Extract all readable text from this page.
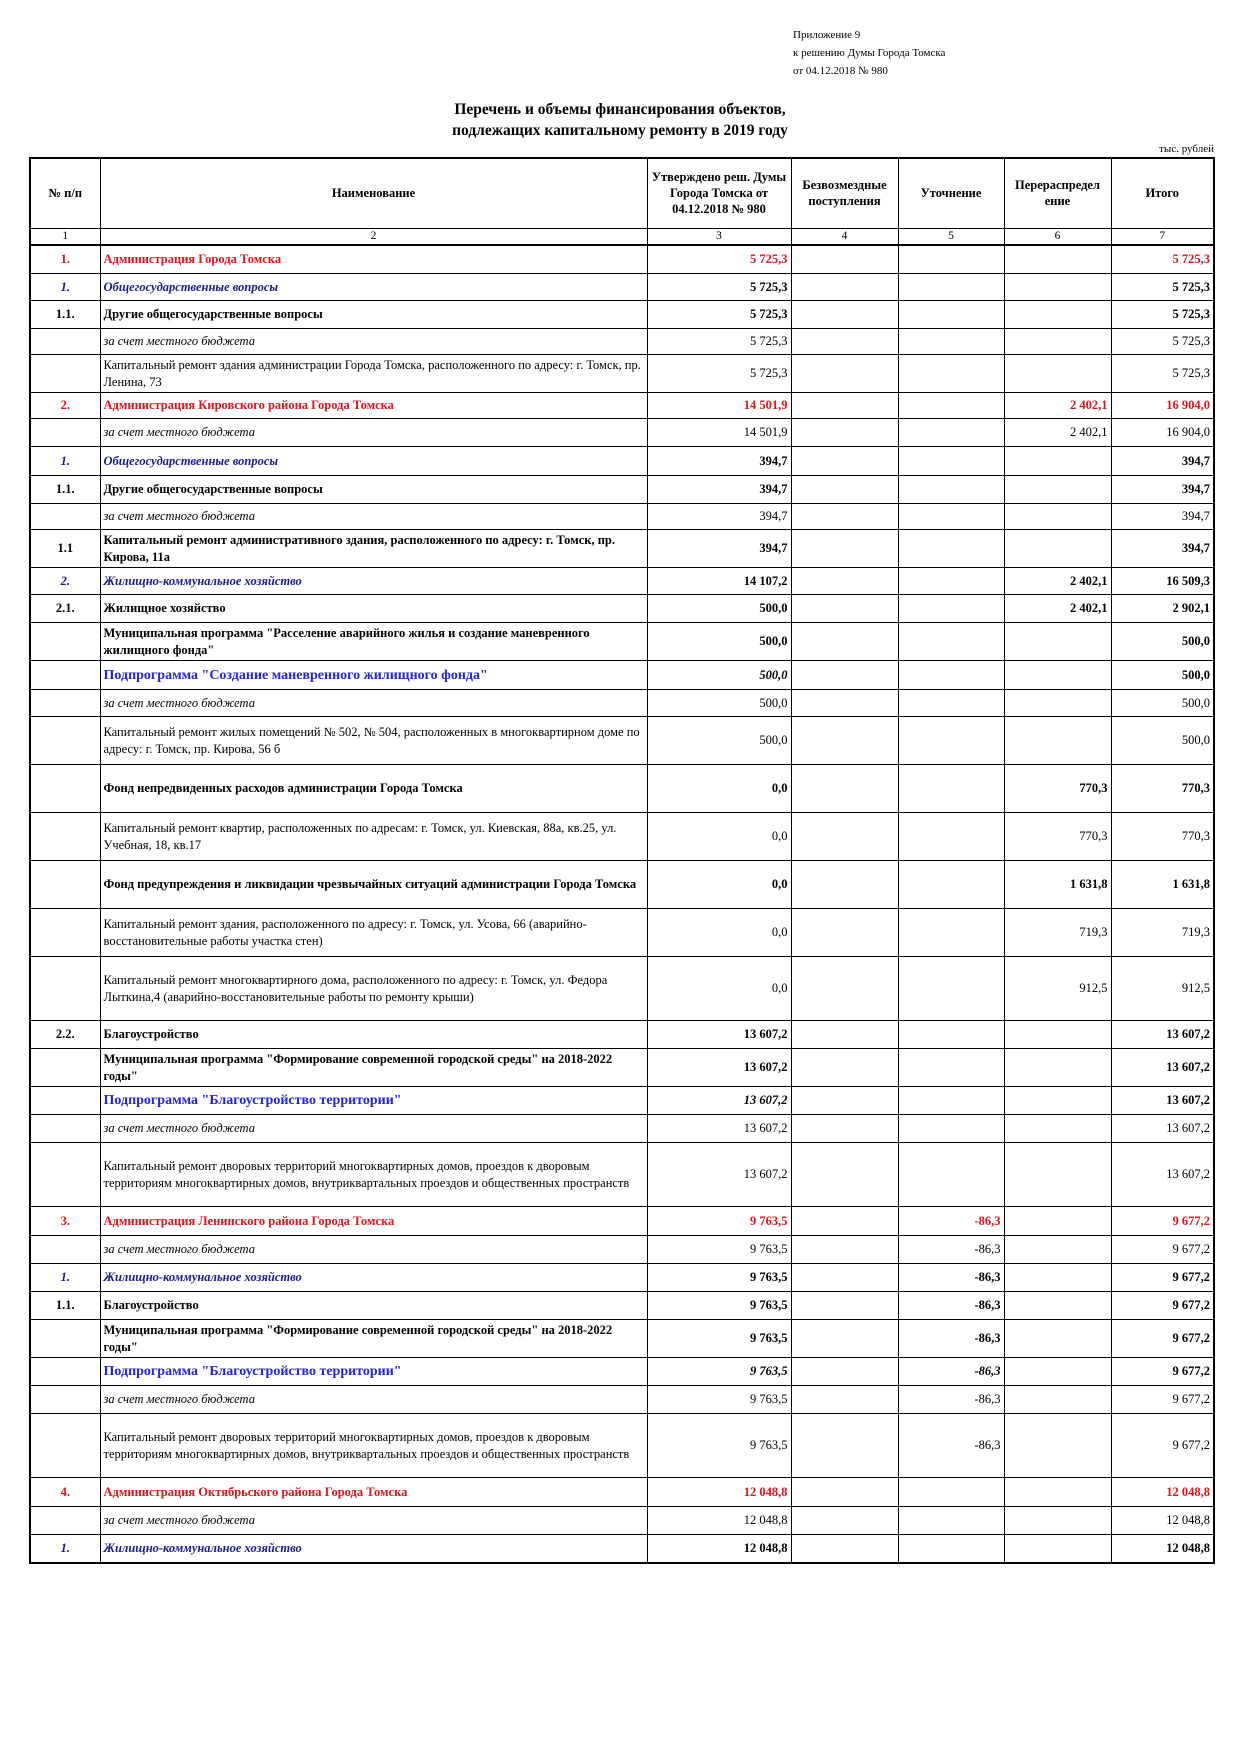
Приложение 9
к решению Думы Города Томска
от 04.12.2018 № 980
Перечень и объемы финансирования объектов,
подлежащих капитальному ремонту в 2019 году
тыс. рублей
№ п/п	Наименование	Утверждено реш. Думы Города Томска от 04.12.2018 № 980	Безвозмездные поступления	Уточнение	Перераспредел ение	Итого
1	2	3	4	5	6	7
1.	Администрация Города Томска	5 725,3				5 725,3
1.	Общегосударственные вопросы	5 725,3				5 725,3
1.1.	Другие общегосударственные вопросы	5 725,3				5 725,3
	за счет местного бюджета	5 725,3				5 725,3
	Капитальный ремонт здания администрации Города Томска, расположенного по адресу: г. Томск, пр. Ленина, 73	5 725,3				5 725,3
2.	Администрация Кировского района Города Томска	14 501,9			2 402,1	16 904,0
	за счет местного бюджета	14 501,9			2 402,1	16 904,0
1.	Общегосударственные вопросы	394,7				394,7
1.1.	Другие общегосударственные вопросы	394,7				394,7
	за счет местного бюджета	394,7				394,7
1.1	Капитальный ремонт административного здания, расположенного по адресу: г. Томск, пр. Кирова, 11а	394,7				394,7
2.	Жилищно-коммунальное хозяйство	14 107,2			2 402,1	16 509,3
2.1.	Жилищное хозяйство	500,0			2 402,1	2 902,1
	Муниципальная программа "Расселение аварийного жилья и создание маневренного жилищного фонда"	500,0				500,0
	Подпрограмма "Создание маневренного жилищного фонда"	500,0				500,0
	за счет местного бюджета	500,0				500,0
	Капитальный ремонт жилых помещений № 502, № 504, расположенных в многоквартирном доме по адресу: г. Томск, пр. Кирова, 56 б	500,0				500,0
	Фонд непредвиденных расходов администрации Города Томска	0,0			770,3	770,3
	Капитальный ремонт квартир, расположенных по адресам: г. Томск, ул. Киевская, 88а, кв.25, ул. Учебная, 18, кв.17	0,0			770,3	770,3
	Фонд предупреждения и ликвидации чрезвычайных ситуаций администрации Города Томска	0,0			1 631,8	1 631,8
	Капитальный ремонт здания, расположенного по адресу: г. Томск, ул. Усова, 66 (аварийно-восстановительные работы участка стен)	0,0			719,3	719,3
	Капитальный ремонт многоквартирного дома, расположенного по адресу: г. Томск, ул. Федора Лыткина,4 (аварийно-восстановительные работы по ремонту крыши)	0,0			912,5	912,5
2.2.	Благоустройство	13 607,2				13 607,2
	Муниципальная программа "Формирование современной городской среды" на 2018-2022 годы"	13 607,2				13 607,2
	Подпрограмма "Благоустройство территории"	13 607,2				13 607,2
	за счет местного бюджета	13 607,2				13 607,2
	Капитальный ремонт дворовых территорий многоквартирных домов, проездов к дворовым территориям многоквартирных домов, внутриквартальных проездов и общественных пространств	13 607,2				13 607,2
3.	Администрация Ленинского района Города Томска	9 763,5		-86,3		9 677,2
	за счет местного бюджета	9 763,5		-86,3		9 677,2
1.	Жилищно-коммунальное хозяйство	9 763,5		-86,3		9 677,2
1.1.	Благоустройство	9 763,5		-86,3		9 677,2
	Муниципальная программа "Формирование современной городской среды" на 2018-2022 годы"	9 763,5		-86,3		9 677,2
	Подпрограмма "Благоустройство территории"	9 763,5		-86,3		9 677,2
	за счет местного бюджета	9 763,5		-86,3		9 677,2
	Капитальный ремонт дворовых территорий многоквартирных домов, проездов к дворовым территориям многоквартирных домов, внутриквартальных проездов и общественных пространств	9 763,5		-86,3		9 677,2
4.	Администрация Октябрьского района Города Томска	12 048,8				12 048,8
	за счет местного бюджета	12 048,8				12 048,8
1.	Жилищно-коммунальное хозяйство	12 048,8				12 048,8
